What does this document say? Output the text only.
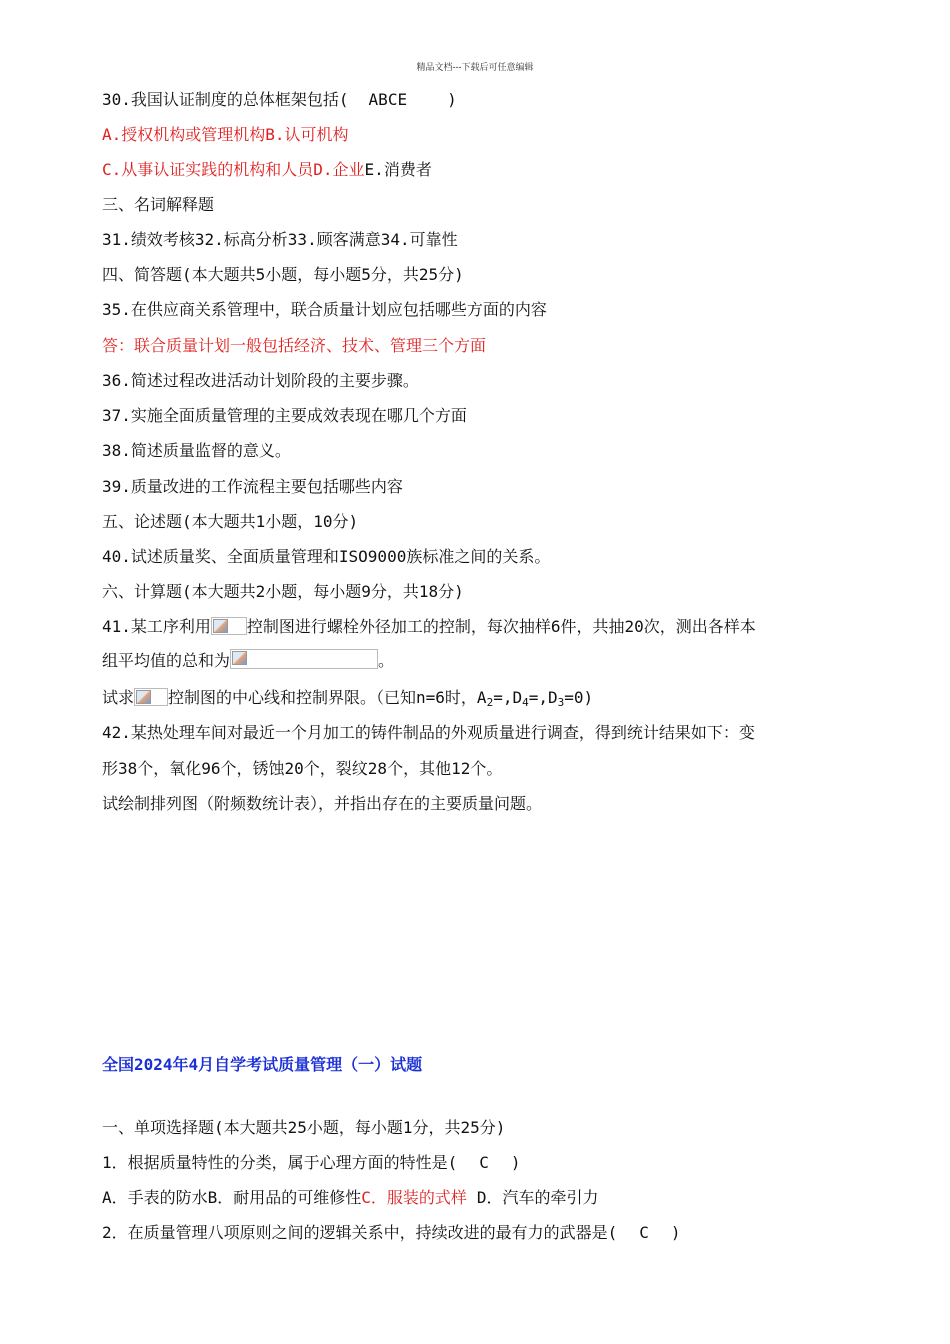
精品文档---下载后可任意编辑
30.我国认证制度的总体框架包括( ABCE	)
A.授权机构或管理机构B.认可机构
C.从事认证实践的机构和人员D.企业E.消费者
三、名词解释题
31.绩效考核32.标高分析33.顾客满意34.可靠性
四、简答题(本大题共5小题，每小题5分，共25分)
35.在供应商关系管理中，联合质量计划应包括哪些方面的内容
答：联合质量计划一般包括经济、技术、管理三个方面
36.简述过程改进活动计划阶段的主要步骤。
37.实施全面质量管理的主要成效表现在哪几个方面
38.简述质量监督的意义。
39.质量改进的工作流程主要包括哪些内容
五、论述题(本大题共1小题，10分)
40.试述质量奖、全面质量管理和ISO9000族标准之间的关系。
六、计算题(本大题共2小题，每小题9分，共18分)
41.某工序利用 控制图进行螺栓外径加工的控制，每次抽样6件，共抽20次，测出各样本
组平均值的总和为	。
试求 控制图的中心线和控制界限。（已知n=6时，$A_2=,D_4=,D_3=0$)
42.某热处理车间对最近一个月加工的铸件制品的外观质量进行调查，得到统计结果如下：变
形38个，氧化96个，锈蚀20个，裂纹28个，其他12个。
试绘制排列图（附频数统计表），并指出存在的主要质量问题。
全国2024年4月自学考试质量管理（一）试题
一、单项选择题(本大题共25小题，每小题1分，共25分)
1．根据质量特性的分类，属于心理方面的特性是( C )
A．手表的防水B．耐用品的可维修性C．服装的式样 D．汽车的牵引力
2．在质量管理八项原则之间的逻辑关系中，持续改进的最有力的武器是( C )
